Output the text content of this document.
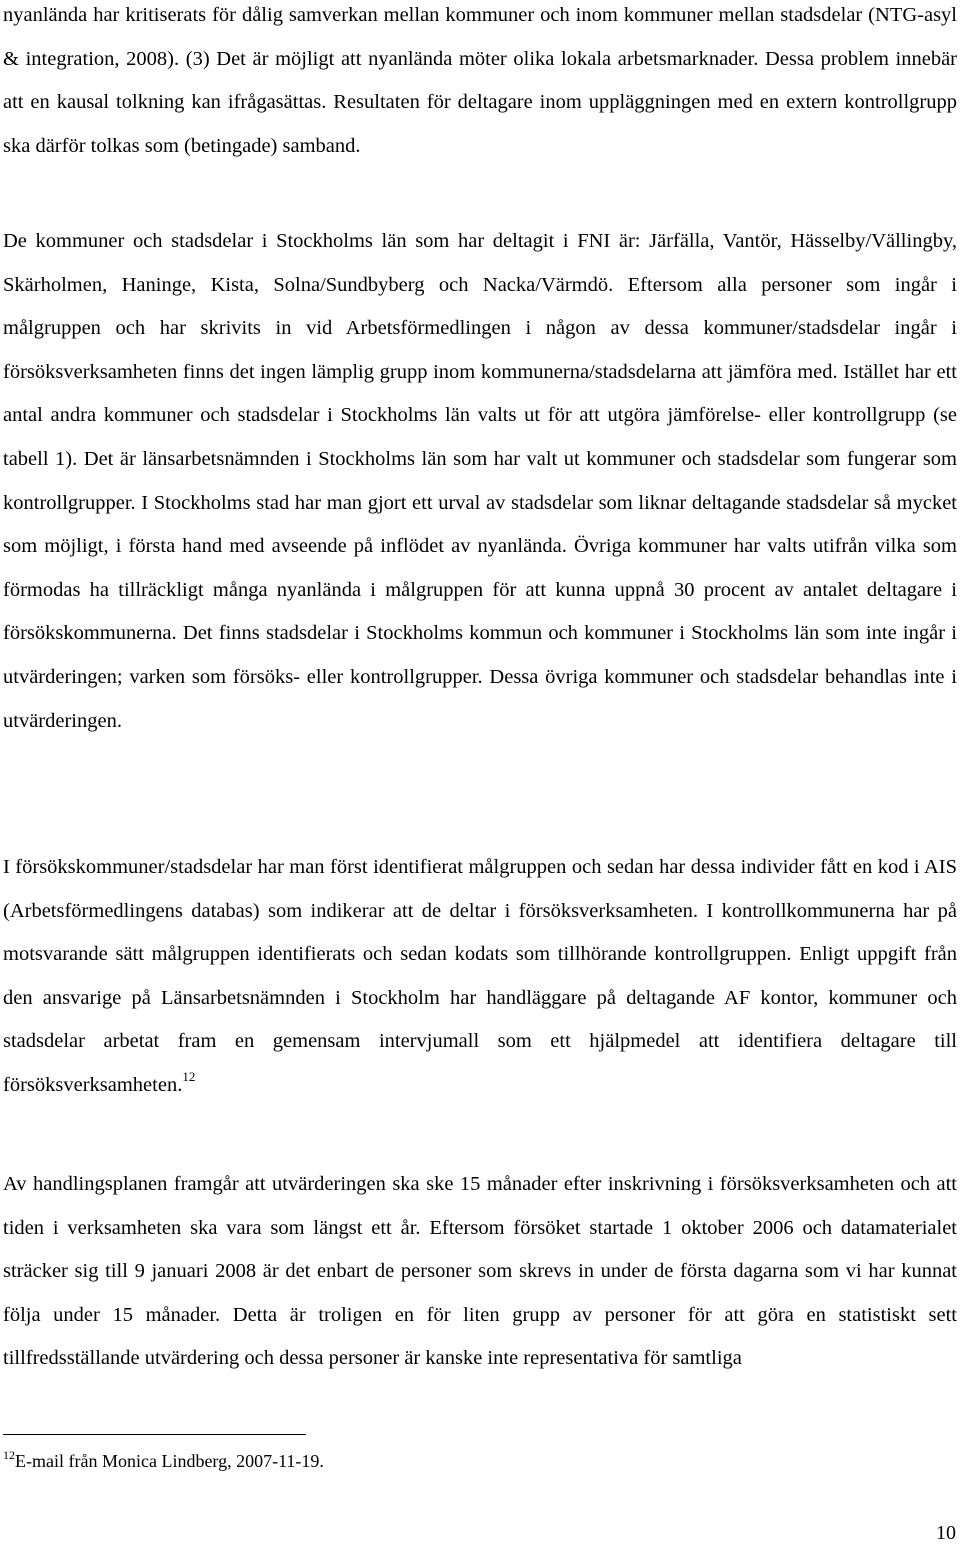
nyanlända har kritiserats för dålig samverkan mellan kommuner och inom kommuner mellan stadsdelar (NTG-asyl & integration, 2008). (3) Det är möjligt att nyanlända möter olika lokala arbetsmarknader. Dessa problem innebär att en kausal tolkning kan ifrågasättas. Resultaten för deltagare inom uppläggningen med en extern kontrollgrupp ska därför tolkas som (betingade) samband.

De kommuner och stadsdelar i Stockholms län som har deltagit i FNI är: Järfälla, Vantör, Hässelby/Vällingby, Skärholmen, Haninge, Kista, Solna/Sundbyberg och Nacka/Värmdö. Eftersom alla personer som ingår i målgruppen och har skrivits in vid Arbetsförmedlingen i någon av dessa kommuner/stadsdelar ingår i försöksverksamheten finns det ingen lämplig grupp inom kommunerna/stadsdelarna att jämföra med. Istället har ett antal andra kommuner och stadsdelar i Stockholms län valts ut för att utgöra jämförelse- eller kontrollgrupp (se tabell 1). Det är länsarbetsnämnden i Stockholms län som har valt ut kommuner och stadsdelar som fungerar som kontrollgrupper. I Stockholms stad har man gjort ett urval av stadsdelar som liknar deltagande stadsdelar så mycket som möjligt, i första hand med avseende på inflödet av nyanlända. Övriga kommuner har valts utifrån vilka som förmodas ha tillräckligt många nyanlända i målgruppen för att kunna uppnå 30 procent av antalet deltagare i försökskommunerna. Det finns stadsdelar i Stockholms kommun och kommuner i Stockholms län som inte ingår i utvärderingen; varken som försöks- eller kontrollgrupper. Dessa övriga kommuner och stadsdelar behandlas inte i utvärderingen.

I försökskommuner/stadsdelar har man först identifierat målgruppen och sedan har dessa individer fått en kod i AIS (Arbetsförmedlingens databas) som indikerar att de deltar i försöksverksamheten. I kontrollkommunerna har på motsvarande sätt målgruppen identifierats och sedan kodats som tillhörande kontrollgruppen. Enligt uppgift från den ansvarige på Länsarbetsnämnden i Stockholm har handläggare på deltagande AF kontor, kommuner och stadsdelar arbetat fram en gemensam intervjumall som ett hjälpmedel att identifiera deltagare till försöksverksamheten.$^{12}$

Av handlingsplanen framgår att utvärderingen ska ske 15 månader efter inskrivning i försöksverksamheten och att tiden i verksamheten ska vara som längst ett år. Eftersom försöket startade 1 oktober 2006 och datamaterialet sträcker sig till 9 januari 2008 är det enbart de personer som skrevs in under de första dagarna som vi har kunnat följa under 15 månader. Detta är troligen en för liten grupp av personer för att göra en statistiskt sett tillfredsställande utvärdering och dessa personer är kanske inte representativa för samtliga

$^{12}$E-mail från Monica Lindberg, 2007-11-19.

10
